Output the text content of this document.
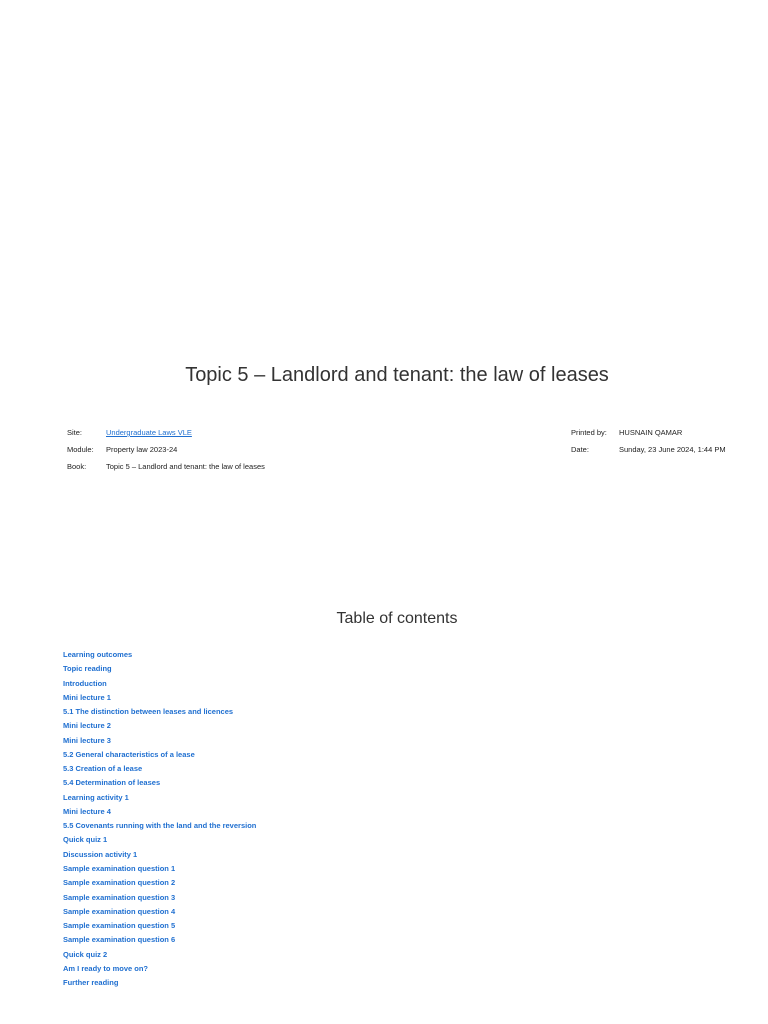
Topic 5 – Landlord and tenant: the law of leases
Site:	Undergraduate Laws VLE
Module:	Property law 2023-24
Book:	Topic 5 – Landlord and tenant: the law of leases
Printed by:	HUSNAIN QAMAR
Date:	Sunday, 23 June 2024, 1:44 PM
Table of contents
Learning outcomes
Topic reading
Introduction
Mini lecture 1
5.1 The distinction between leases and licences
Mini lecture 2
Mini lecture 3
5.2 General characteristics of a lease
5.3 Creation of a lease
5.4 Determination of leases
Learning activity 1
Mini lecture 4
5.5 Covenants running with the land and the reversion
Quick quiz 1
Discussion activity 1
Sample examination question 1
Sample examination question 2
Sample examination question 3
Sample examination question 4
Sample examination question 5
Sample examination question 6
Quick quiz 2
Am I ready to move on?
Further reading
